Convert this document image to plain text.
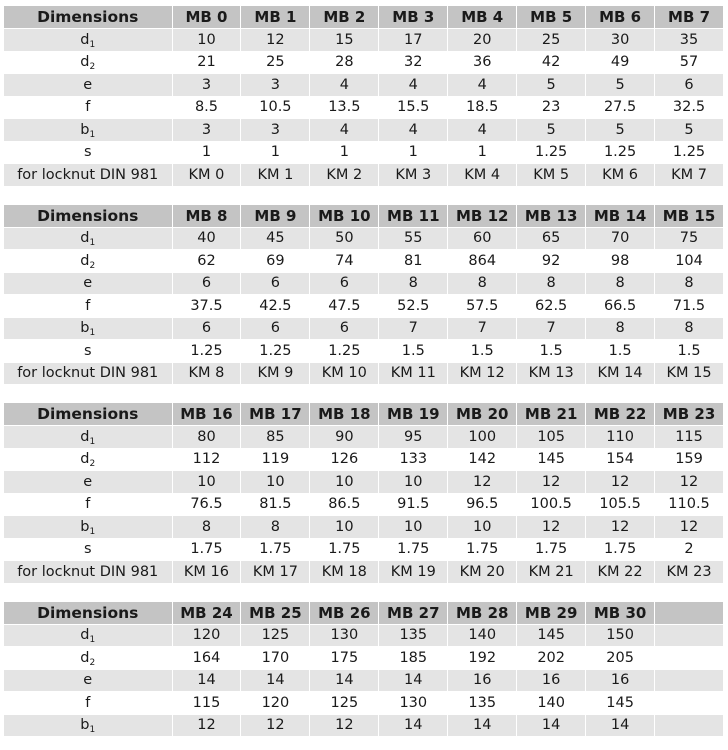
Dimensions	MB 0	MB 1	MB 2	MB 3	MB 4	MB 5	MB 6	MB 7
$d_1$	10	12	15	17	20	25	30	35
$d_2$	21	25	28	32	36	42	49	57
e	3	3	4	4	4	5	5	6
f	8.5	10.5	13.5	15.5	18.5	23	27.5	32.5
$b_1$	3	3	4	4	4	5	5	5
s	1	1	1	1	1	1.25	1.25	1.25
for locknut DIN 981	KM 0	KM 1	KM 2	KM 3	KM 4	KM 5	KM 6	KM 7
Dimensions	MB 8	MB 9	MB 10	MB 11	MB 12	MB 13	MB 14	MB 15
$d_1$	40	45	50	55	60	65	70	75
$d_2$	62	69	74	81	864	92	98	104
e	6	6	6	8	8	8	8	8
f	37.5	42.5	47.5	52.5	57.5	62.5	66.5	71.5
$b_1$	6	6	6	7	7	7	8	8
s	1.25	1.25	1.25	1.5	1.5	1.5	1.5	1.5
for locknut DIN 981	KM 8	KM 9	KM 10	KM 11	KM 12	KM 13	KM 14	KM 15
Dimensions	MB 16	MB 17	MB 18	MB 19	MB 20	MB 21	MB 22	MB 23
$d_1$	80	85	90	95	100	105	110	115
$d_2$	112	119	126	133	142	145	154	159
e	10	10	10	10	12	12	12	12
f	76.5	81.5	86.5	91.5	96.5	100.5	105.5	110.5
$b_1$	8	8	10	10	10	12	12	12
s	1.75	1.75	1.75	1.75	1.75	1.75	1.75	2
for locknut DIN 981	KM 16	KM 17	KM 18	KM 19	KM 20	KM 21	KM 22	KM 23
Dimensions	MB 24	MB 25	MB 26	MB 27	MB 28	MB 29	MB 30	
$d_1$	120	125	130	135	140	145	150	
$d_2$	164	170	175	185	192	202	205	
e	14	14	14	14	16	16	16	
f	115	120	125	130	135	140	145	
$b_1$	12	12	12	14	14	14	14	
